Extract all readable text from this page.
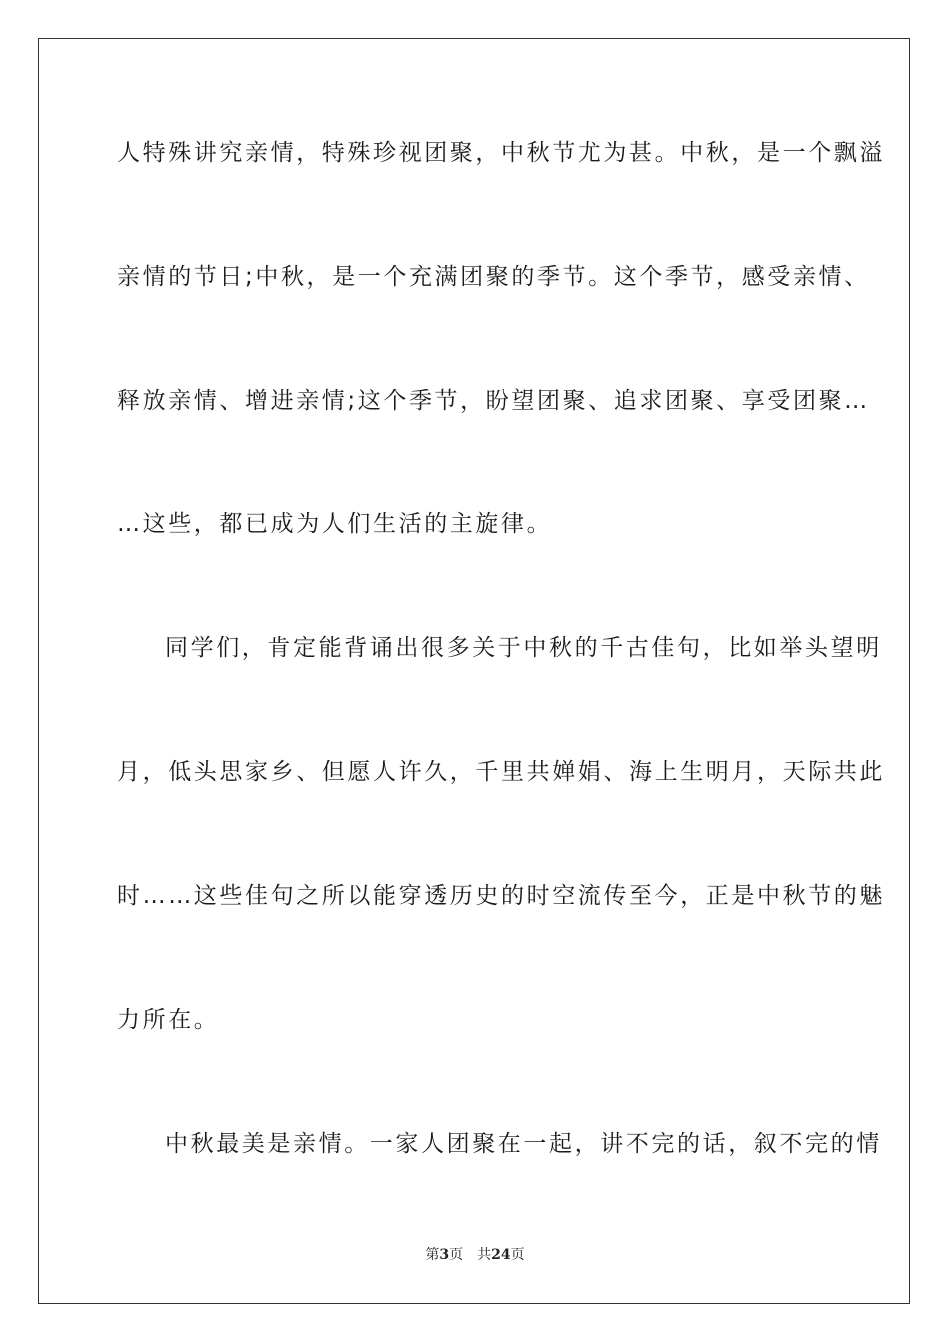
人特殊讲究亲情，特殊珍视团聚，中秋节尤为甚。中秋，是一个飘溢
亲情的节日;中秋，是一个充满团聚的季节。这个季节，感受亲情、
释放亲情、增进亲情;这个季节，盼望团聚、追求团聚、享受团聚…
…这些，都已成为人们生活的主旋律。
同学们，肯定能背诵出很多关于中秋的千古佳句，比如举头望明
月，低头思家乡、但愿人许久，千里共婵娟、海上生明月，天际共此
时……这些佳句之所以能穿透历史的时空流传至今，正是中秋节的魅
力所在。
中秋最美是亲情。一家人团聚在一起，讲不完的话，叙不完的情
第3页 共24页
